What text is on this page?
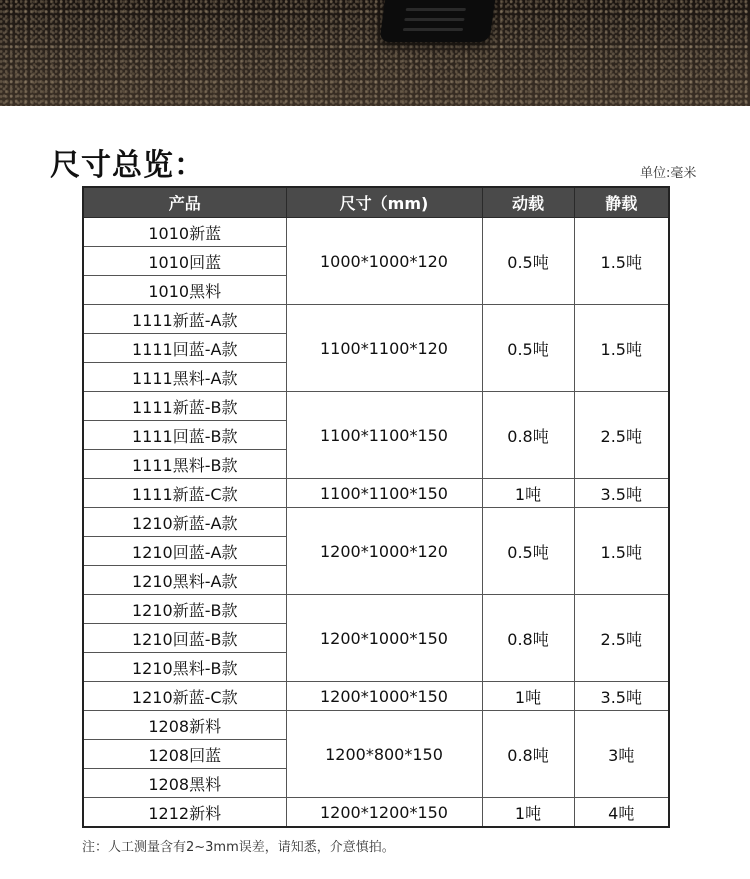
尺寸总览：	单位:毫米

产品	尺寸（mm)	动载	静载
1010新蓝	1000*1000*120	0.5吨	1.5吨
1010回蓝			
1010黑料			
1111新蓝-A款	1100*1100*120	0.5吨	1.5吨
1111回蓝-A款			
1111黑料-A款			
1111新蓝-B款	1100*1100*150	0.8吨	2.5吨
1111回蓝-B款			
1111黑料-B款			
1111新蓝-C款	1100*1100*150	1吨	3.5吨
1210新蓝-A款	1200*1000*120	0.5吨	1.5吨
1210回蓝-A款			
1210黑料-A款			
1210新蓝-B款	1200*1000*150	0.8吨	2.5吨
1210回蓝-B款			
1210黑料-B款			
1210新蓝-C款	1200*1000*150	1吨	3.5吨
1208新料	1200*800*150	0.8吨	3吨
1208回蓝			
1208黑料			
1212新料	1200*1200*150	1吨	4吨

注：人工测量含有2~3mm误差，请知悉，介意慎拍。
